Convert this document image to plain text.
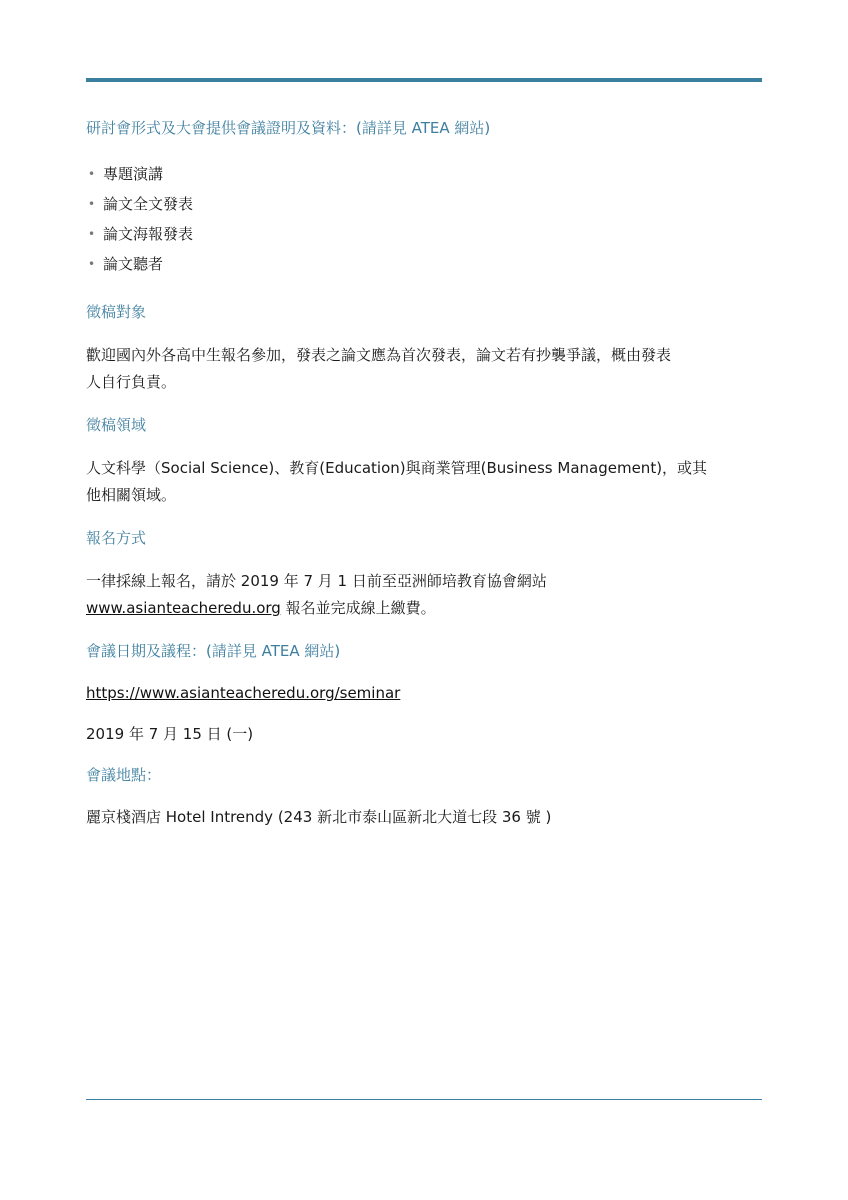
研討會形式及大會提供會議證明及資料：(請詳見 ATEA 網站)

• 專題演講
• 論文全文發表
• 論文海報發表
• 論文聽者

徵稿對象

歡迎國內外各高中生報名參加，發表之論文應為首次發表，論文若有抄襲爭議，概由發表
人自行負責。

徵稿領域

人文科學（Social Science)、教育(Education)與商業管理(Business Management)，或其
他相關領域。

報名方式

一律採線上報名，請於 2019 年 7 月 1 日前至亞洲師培教育協會網站
www.asianteacheredu.org 報名並完成線上繳費。

會議日期及議程：(請詳見 ATEA 網站)

https://www.asianteacheredu.org/seminar

2019 年 7 月 15 日 (一)

會議地點：

麗京棧酒店 Hotel Intrendy (243 新北市泰山區新北大道七段 36 號 )
